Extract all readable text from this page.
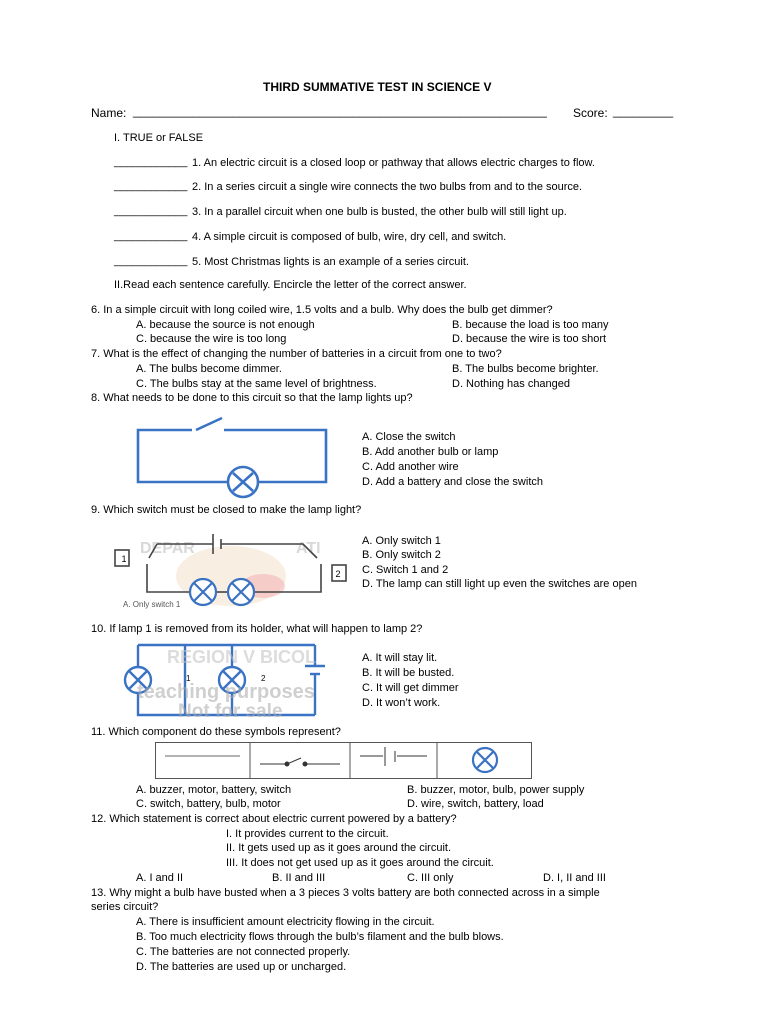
THIRD SUMMATIVE TEST IN SCIENCE V
Name: ______________________________________________________________ Score: _________
I. TRUE or FALSE
____________ 1. An electric circuit is a closed loop or pathway that allows electric charges to flow.
____________ 2. In a series circuit a single wire connects the two bulbs from and to the source.
____________ 3. In a parallel circuit when one bulb is busted, the other bulb will still light up.
____________ 4. A simple circuit is composed of bulb, wire, dry cell, and switch.
____________ 5. Most Christmas lights is an example of a series circuit.
II.Read each sentence carefully. Encircle the letter of the correct answer.
6. In a simple circuit with long coiled wire, 1.5 volts and a bulb. Why does the bulb get dimmer?
A. because the source is not enough	B. because the load is too many
C. because the wire is too long	D. because the wire is too short
7. What is the effect of changing the number of batteries in a circuit from one to two?
A. The bulbs become dimmer.	B. The bulbs become brighter.
C. The bulbs stay at the same level of brightness.	D. Nothing has changed
8. What needs to be done to this circuit so that the lamp lights up?
A. Close the switch
B. Add another bulb or lamp
C. Add another wire
D. Add a battery and close the switch
9. Which switch must be closed to make the lamp light?
DEPAR	ATI
1
2
A. Only switch 1
A. Only switch 1
B. Only switch 2
C. Switch 1 and 2
D. The lamp can still light up even the switches are open
10. If lamp 1 is removed from its holder, what will happen to lamp 2?
1	2
REGION V BICOL
teaching purposes
Not for sale
A. It will stay lit.
B. It will be busted.
C. It will get dimmer
D. It won’t work.
11. Which component do these symbols represent?
A. buzzer, motor, battery, switch	B. buzzer, motor, bulb, power supply
C. switch, battery, bulb, motor	D. wire, switch, battery, load
12. Which statement is correct about electric current powered by a battery?
I. It provides current to the circuit.
II. It gets used up as it goes around the circuit.
III. It does not get used up as it goes around the circuit.
A. I and II	B. II and III	C. III only	D. I, II and III
13. Why might a bulb have busted when a 3 pieces 3 volts battery are both connected across in a simple
series circuit?
A. There is insufficient amount electricity flowing in the circuit.
B. Too much electricity flows through the bulb’s filament and the bulb blows.
C. The batteries are not connected properly.
D. The batteries are used up or uncharged.
